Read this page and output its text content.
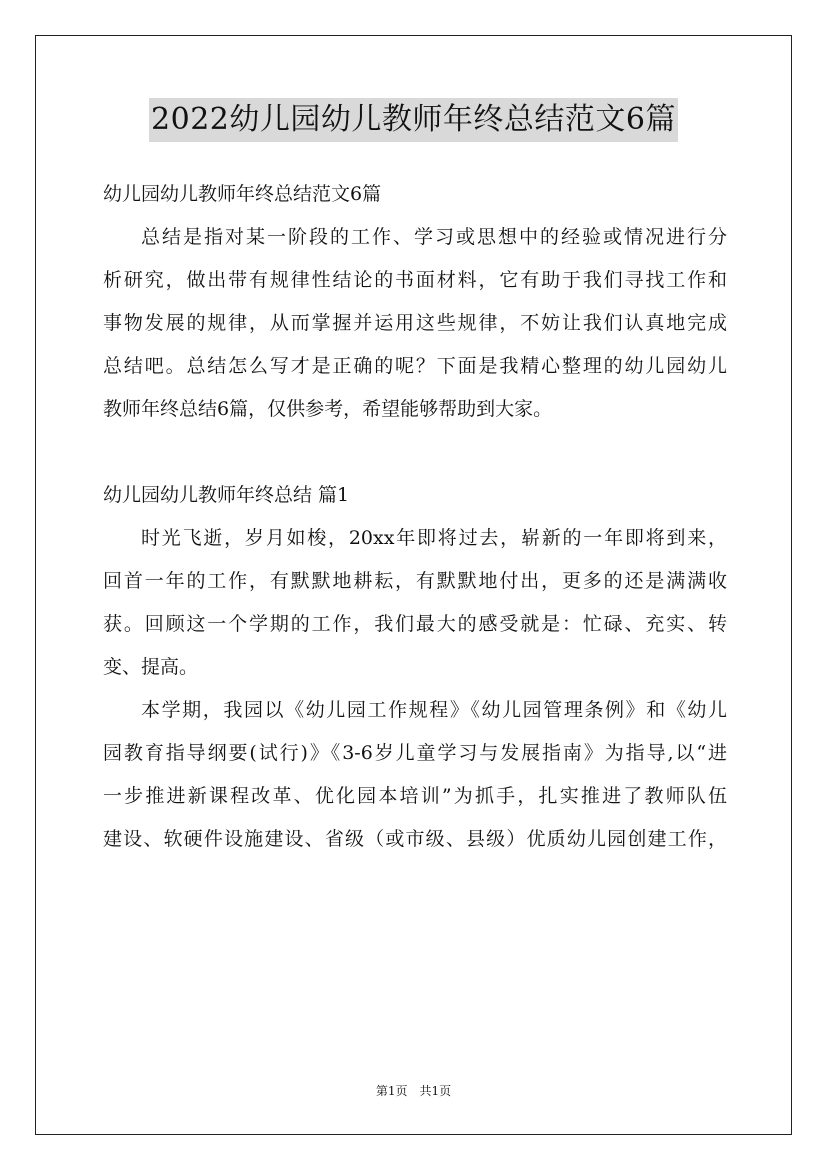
2022幼儿园幼儿教师年终总结范文6篇
幼儿园幼儿教师年终总结范文6篇
总结是指对某一阶段的工作、学习或思想中的经验或情况进行分
析研究，做出带有规律性结论的书面材料，它有助于我们寻找工作和
事物发展的规律，从而掌握并运用这些规律，不妨让我们认真地完成
总结吧。总结怎么写才是正确的呢？下面是我精心整理的幼儿园幼儿
教师年终总结6篇，仅供参考，希望能够帮助到大家。
幼儿园幼儿教师年终总结 篇1
时光飞逝，岁月如梭，20xx年即将过去，崭新的一年即将到来，
回首一年的工作，有默默地耕耘，有默默地付出，更多的还是满满收
获。回顾这一个学期的工作，我们最大的感受就是：忙碌、充实、转
变、提高。
本学期，我园以《幼儿园工作规程》《幼儿园管理条例》和《幼儿
园教育指导纲要(试行)》《3-6岁儿童学习与发展指南》为指导,以“进
一步推进新课程改革、优化园本培训”为抓手，扎实推进了教师队伍
建设、软硬件设施建设、省级（或市级、县级）优质幼儿园创建工作，
第1页　共1页
